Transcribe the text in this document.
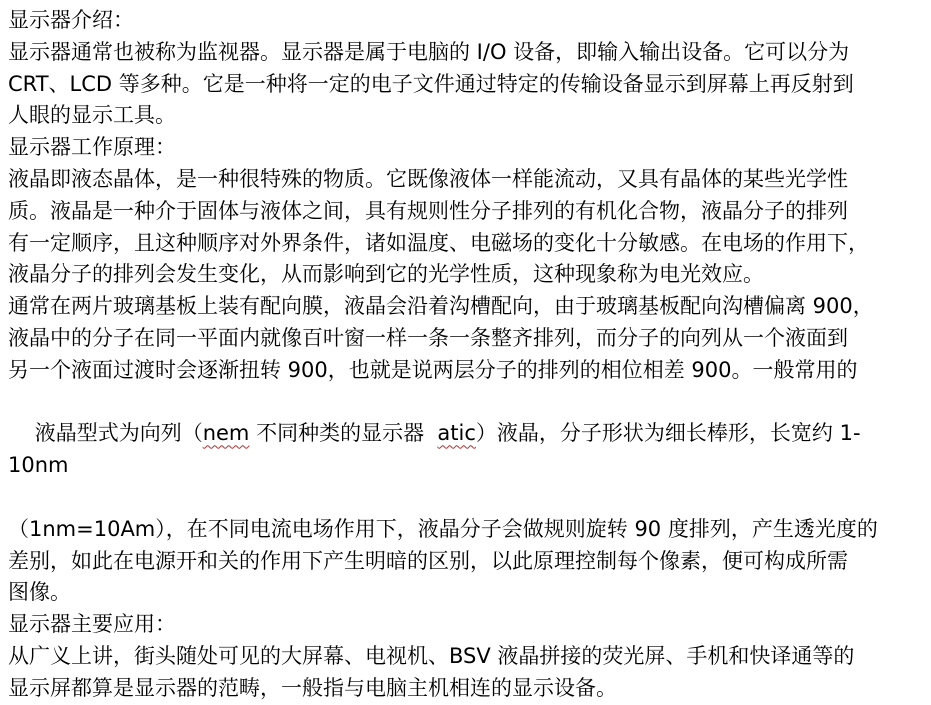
显示器介绍：
显示器通常也被称为监视器。显示器是属于电脑的 I/O 设备，即输入输出设备。它可以分为
CRT、LCD 等多种。它是一种将一定的电子文件通过特定的传输设备显示到屏幕上再反射到
人眼的显示工具。
显示器工作原理：
液晶即液态晶体，是一种很特殊的物质。它既像液体一样能流动，又具有晶体的某些光学性
质。液晶是一种介于固体与液体之间，具有规则性分子排列的有机化合物，液晶分子的排列
有一定顺序，且这种顺序对外界条件，诸如温度、电磁场的变化十分敏感。在电场的作用下，
液晶分子的排列会发生变化，从而影响到它的光学性质，这种现象称为电光效应。
通常在两片玻璃基板上装有配向膜，液晶会沿着沟槽配向，由于玻璃基板配向沟槽偏离 900，
液晶中的分子在同一平面内就像百叶窗一样一条一条整齐排列，而分子的向列从一个液面到
另一个液面过渡时会逐渐扭转 900，也就是说两层分子的排列的相位相差 900。一般常用的

液晶型式为向列（nem 不同种类的显示器  atic）液晶，分子形状为细长棒形，长宽约 1-10nm

（1nm=10Am），在不同电流电场作用下，液晶分子会做规则旋转 90 度排列，产生透光度的
差别，如此在电源开和关的作用下产生明暗的区别，以此原理控制每个像素，便可构成所需
图像。
显示器主要应用：
从广义上讲，街头随处可见的大屏幕、电视机、BSV 液晶拼接的荧光屏、手机和快译通等的
显示屏都算是显示器的范畴，一般指与电脑主机相连的显示设备。
